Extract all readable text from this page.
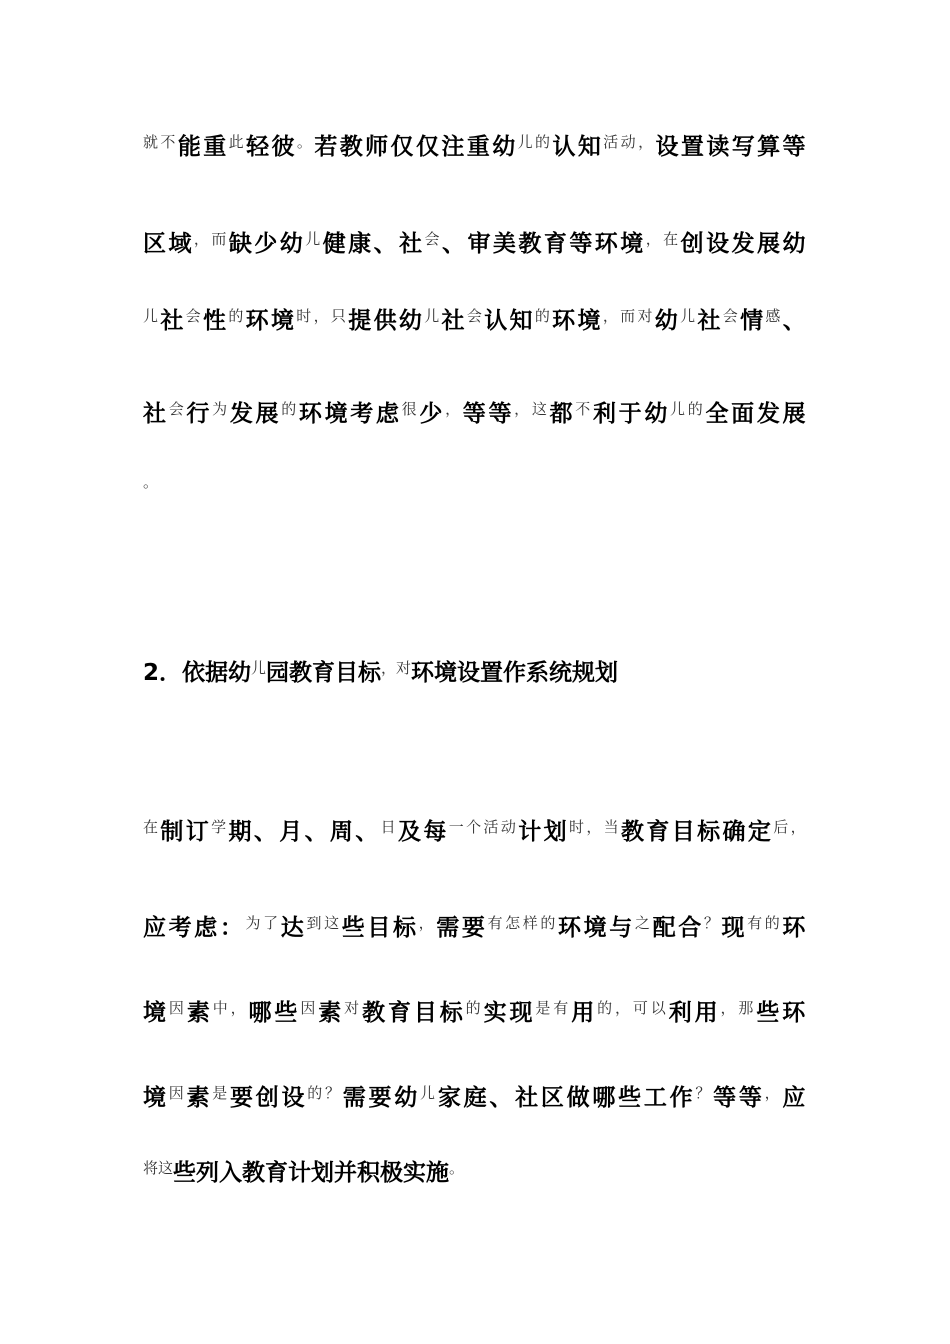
$^{就不}$能重$^此$轻彼。若教师仅仅注重幼$^{儿的}$认知$^{活动,}$设置读写算等
区域$^{,而}$缺少幼$^儿$健康、社$^会$、审美教育等环境$^{,在}$创设发展幼
$^儿$社$^会$性$^的$环境$^{时,只}$提供幼$^儿$社$^会$认知$^的$环境$^{,而对}$幼$^儿$社$^会$情$^感$、
社$^会$行$^为$发展$^的$环境考虑$^很$少，等等$^{,这}$都$^不$利于幼$^{儿的}$全面发展
。
2．依据幼$^儿$园教育目标$^{,对}$环境设置作系统规划
$^在$制订$^学$期、月、周、$^日$及每$^{一个活动}$计划$^{时,当}$教育目标确定$^{后,}$
应考虑：$^{为了}$达$^{到这}$些目标，需要$^{有怎样的}$环境与$^之$配合？现$^{有的}$环
境$^因$素$^{中,}$哪些$^因$素$^对$教育目标$^的$实现$^{是有}$用$^{的,可以}$利用$^{,那}$些环
境$^因$素$^是$要创设$^{的?}$需要幼$^儿$家庭、社区做哪些工作？等等，应
$^{将这}$些列入教育计划并积极实施。
